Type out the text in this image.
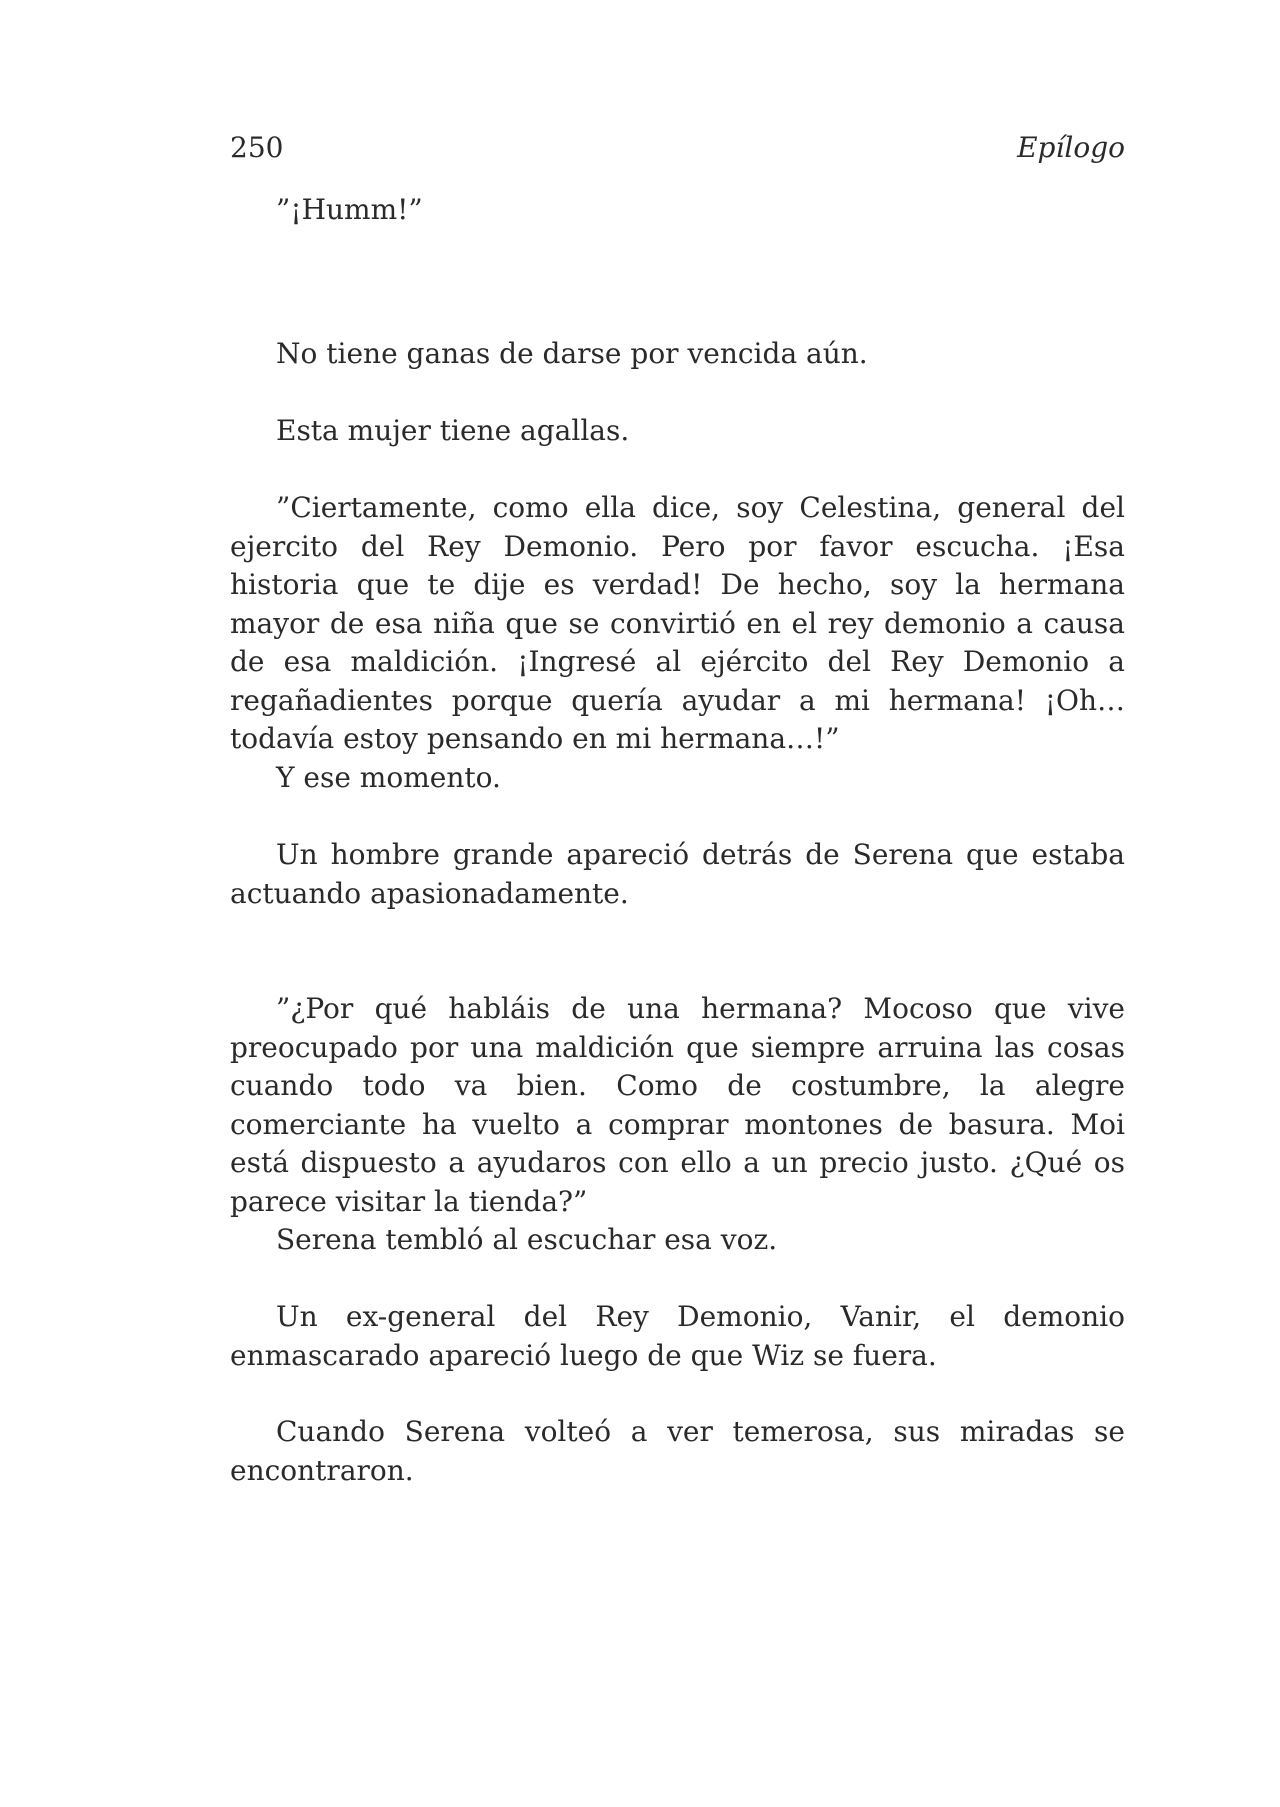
250	Epílogo

”¡Humm!”

No tiene ganas de darse por vencida aún.

Esta mujer tiene agallas.

”Ciertamente, como ella dice, soy Celestina, general del ejercito del Rey Demonio. Pero por favor escucha. ¡Esa historia que te dije es verdad! De hecho, soy la hermana mayor de esa niña que se convirtió en el rey demonio a causa de esa maldición. ¡Ingresé al ejército del Rey Demonio a regañadientes porque quería ayudar a mi hermana! ¡Oh… todavía estoy pensando en mi hermana…!”

Y ese momento.

Un hombre grande apareció detrás de Serena que estaba actuando apasionadamente.

”¿Por qué habláis de una hermana? Mocoso que vive preocupado por una maldición que siempre arruina las cosas cuando todo va bien. Como de costumbre, la alegre comerciante ha vuelto a comprar montones de basura. Moi está dispuesto a ayudaros con ello a un precio justo. ¿Qué os parece visitar la tienda?”

Serena tembló al escuchar esa voz.

Un ex-general del Rey Demonio, Vanir, el demonio enmascarado apareció luego de que Wiz se fuera.

Cuando Serena volteó a ver temerosa, sus miradas se encontraron.
